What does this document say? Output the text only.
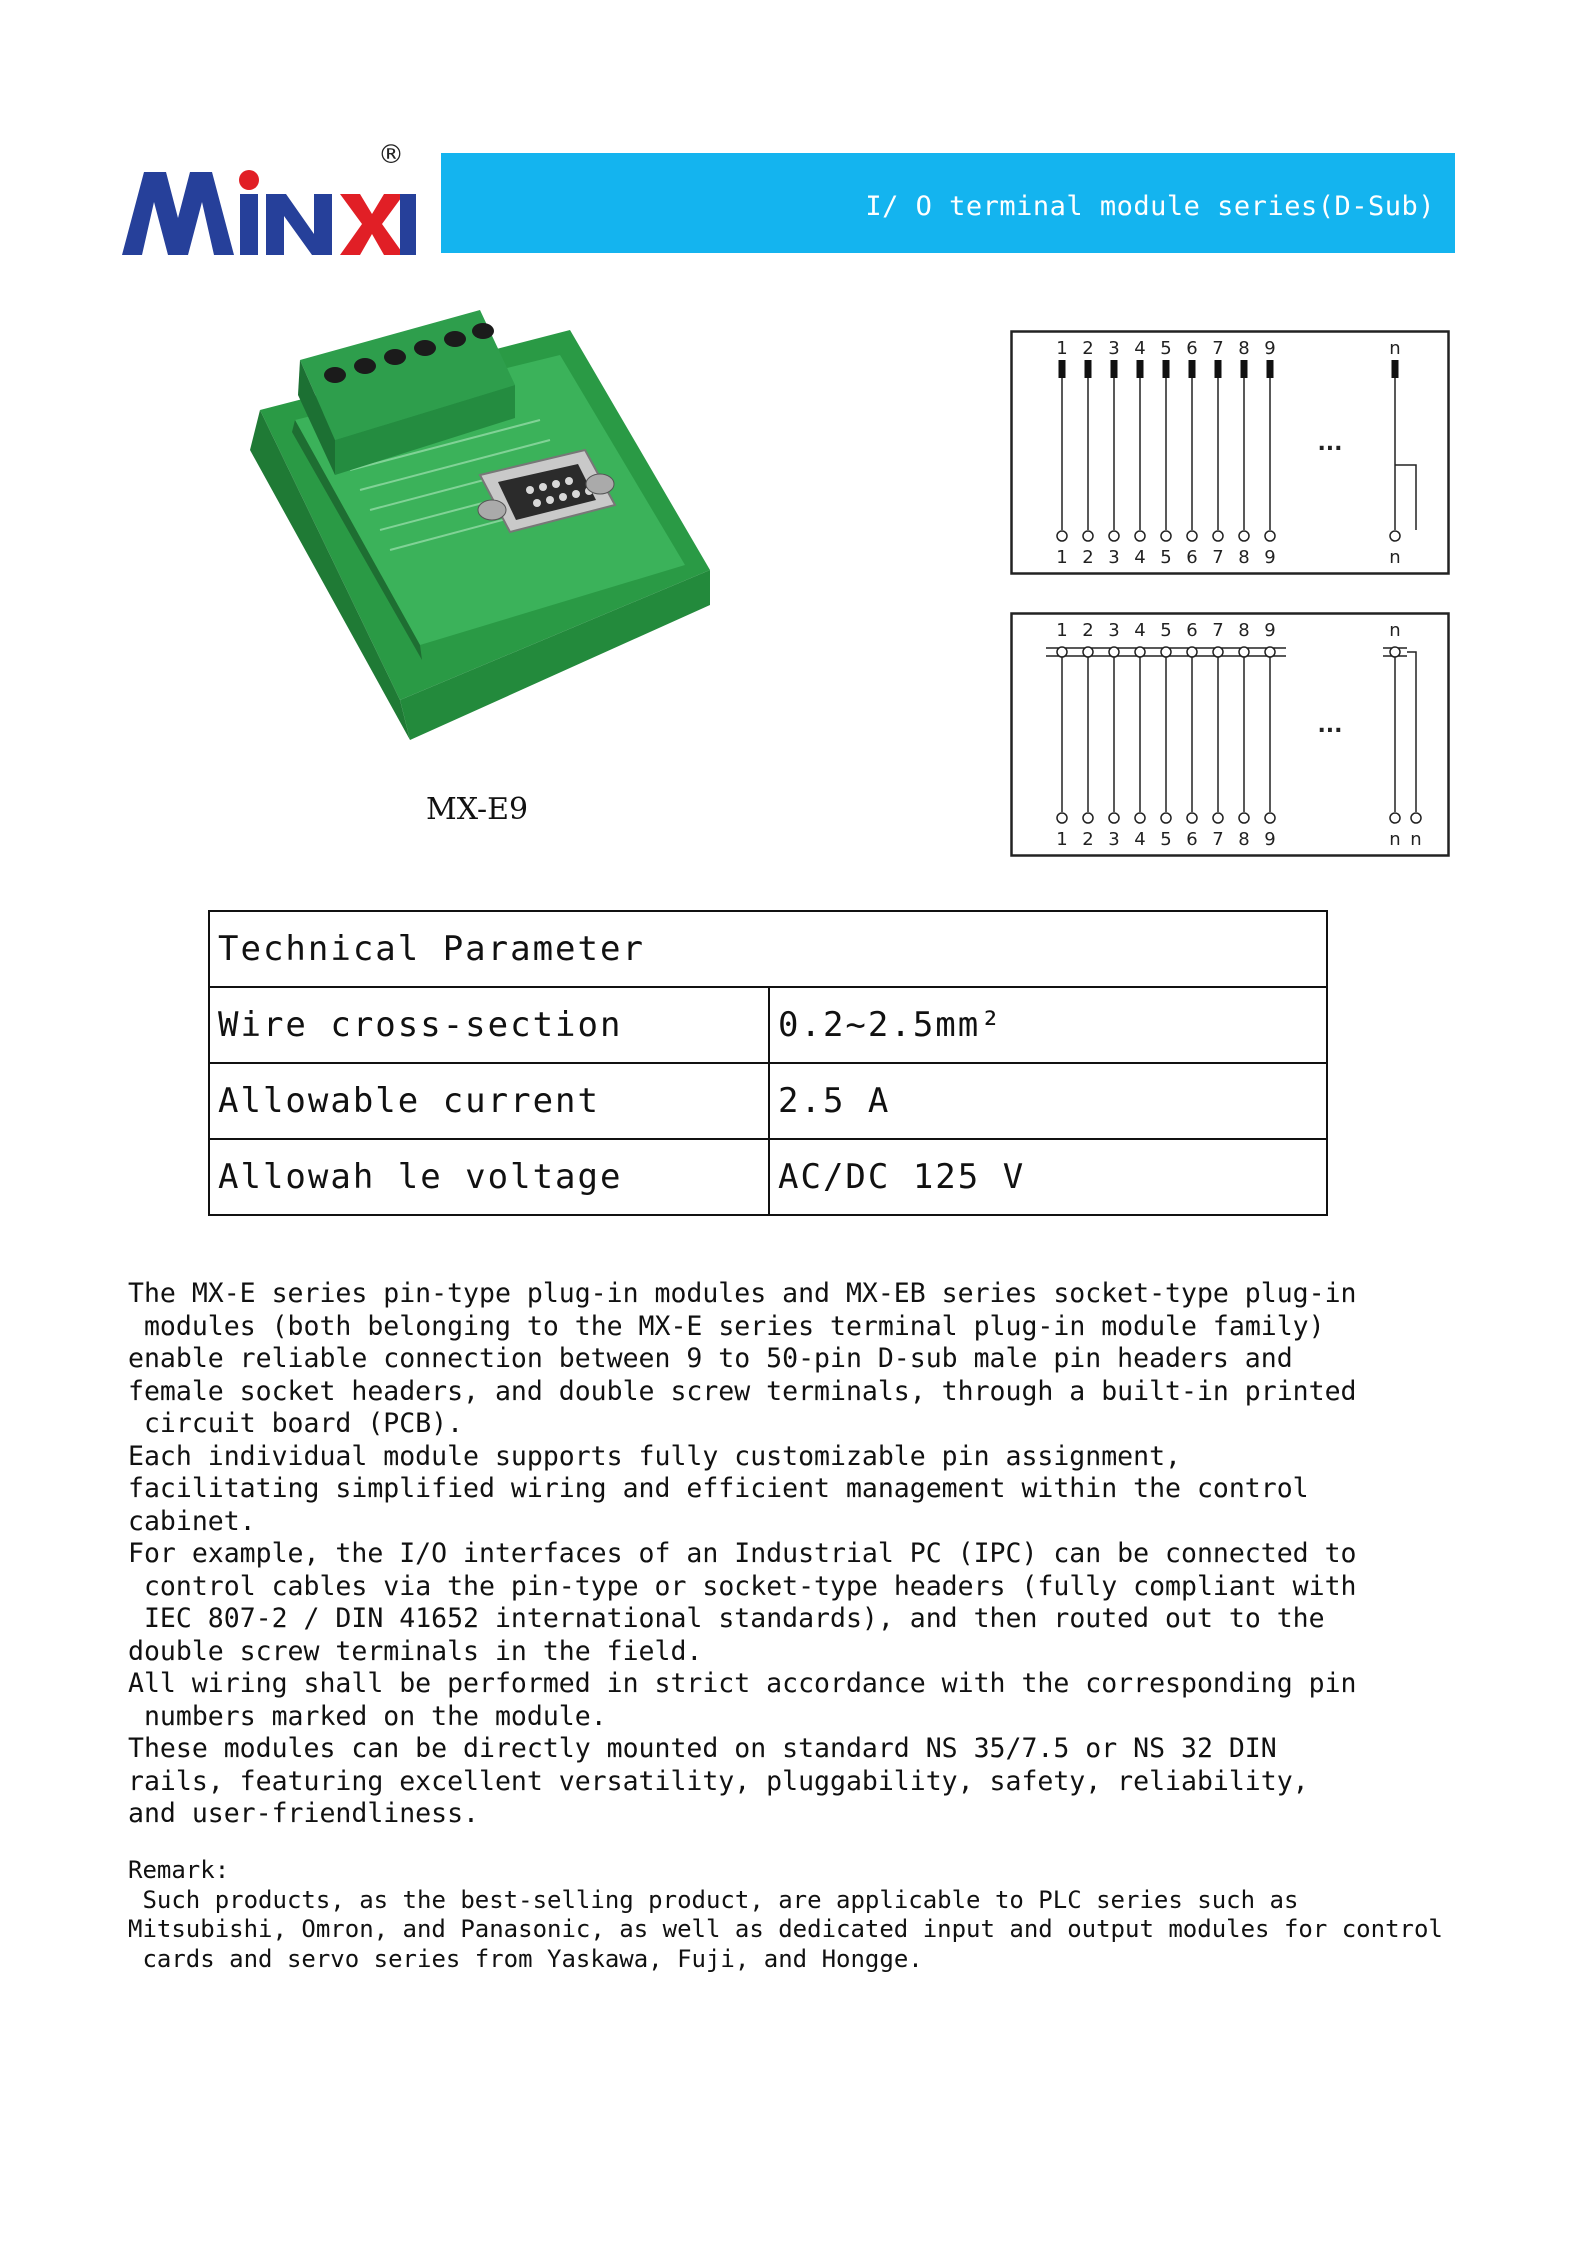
®
I/ O terminal module series(D-Sub)
MX-E9
1
1
2
2
3
3
4
4
5
5
6
6
7
7
8
8
9
9
n
n
...
1
1
2
2
3
3
4
4
5
5
6
6
7
7
8
8
9
9
n
n n
...
Technical Parameter	
Wire cross-section	0.2~2.5mm²
Allowable current	2.5 A
Allowah le voltage	AC/DC 125 V

The MX-E series pin-type plug-in modules and MX-EB series socket-type plug-in

modules (both belonging to the MX-E series terminal plug-in module family)

enable reliable connection between 9 to 50-pin D-sub male pin headers and

female socket headers, and double screw terminals, through a built-in printed

circuit board (PCB).

Each individual module supports fully customizable pin assignment,

facilitating simplified wiring and efficient management within the control

cabinet.

For example, the I/O interfaces of an Industrial PC (IPC) can be connected to

control cables via the pin-type or socket-type headers (fully compliant with

IEC 807-2 / DIN 41652 international standards), and then routed out to the

double screw terminals in the field.

All wiring shall be performed in strict accordance with the corresponding pin

numbers marked on the module.

These modules can be directly mounted on standard NS 35/7.5 or NS 32 DIN

rails, featuring excellent versatility, pluggability, safety, reliability,

and user-friendliness.

Remark:

Such products, as the best-selling product, are applicable to PLC series such as

Mitsubishi, Omron, and Panasonic, as well as dedicated input and output modules for control

cards and servo series from Yaskawa, Fuji, and Hongge.
